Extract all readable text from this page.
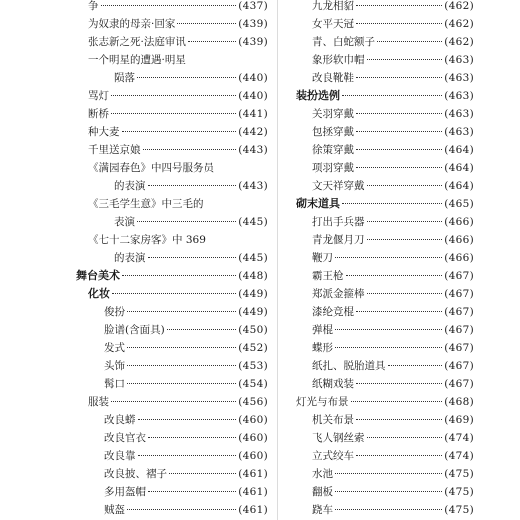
争	(437)
为奴隶的母亲·回家	(439)
张志新之死·法庭审讯	(439)
一个明星的遭遇·明星
陨落	(440)
骂灯	(440)
断桥	(441)
种大麦	(442)
千里送京娘	(443)
《满园春色》中四号服务员
的表演	(443)
《三毛学生意》中三毛的
表演	(445)
《七十二家房客》中 369
的表演	(445)
舞台美术	(448)
化妆	(449)
俊扮	(449)
脸谱(含面具)	(450)
发式	(452)
头饰	(453)
髯口	(454)
服装	(456)
改良蟒	(460)
改良官衣	(460)
改良靠	(460)
改良披、褶子	(461)
多用盔帽	(461)
贼盔	(461)
九龙相貂	(462)
女平天冠	(462)
青、白蛇额子	(462)
象形软巾帽	(463)
改良靴鞋	(463)
装扮选例	(463)
关羽穿戴	(463)
包拯穿戴	(463)
徐策穿戴	(464)
项羽穿戴	(464)
文天祥穿戴	(464)
砌末道具	(465)
打出手兵器	(466)
青龙偃月刀	(466)
鞭刀	(466)
霸王枪	(467)
郑派金箍棒	(467)
漆纶竞棍	(467)
弹棍	(467)
蝶形	(467)
纸扎、脱胎道具	(467)
纸糊戏装	(467)
灯光与布景	(468)
机关布景	(469)
飞人钢丝索	(474)
立式绞车	(474)
水池	(475)
翻板	(475)
跷车	(475)
